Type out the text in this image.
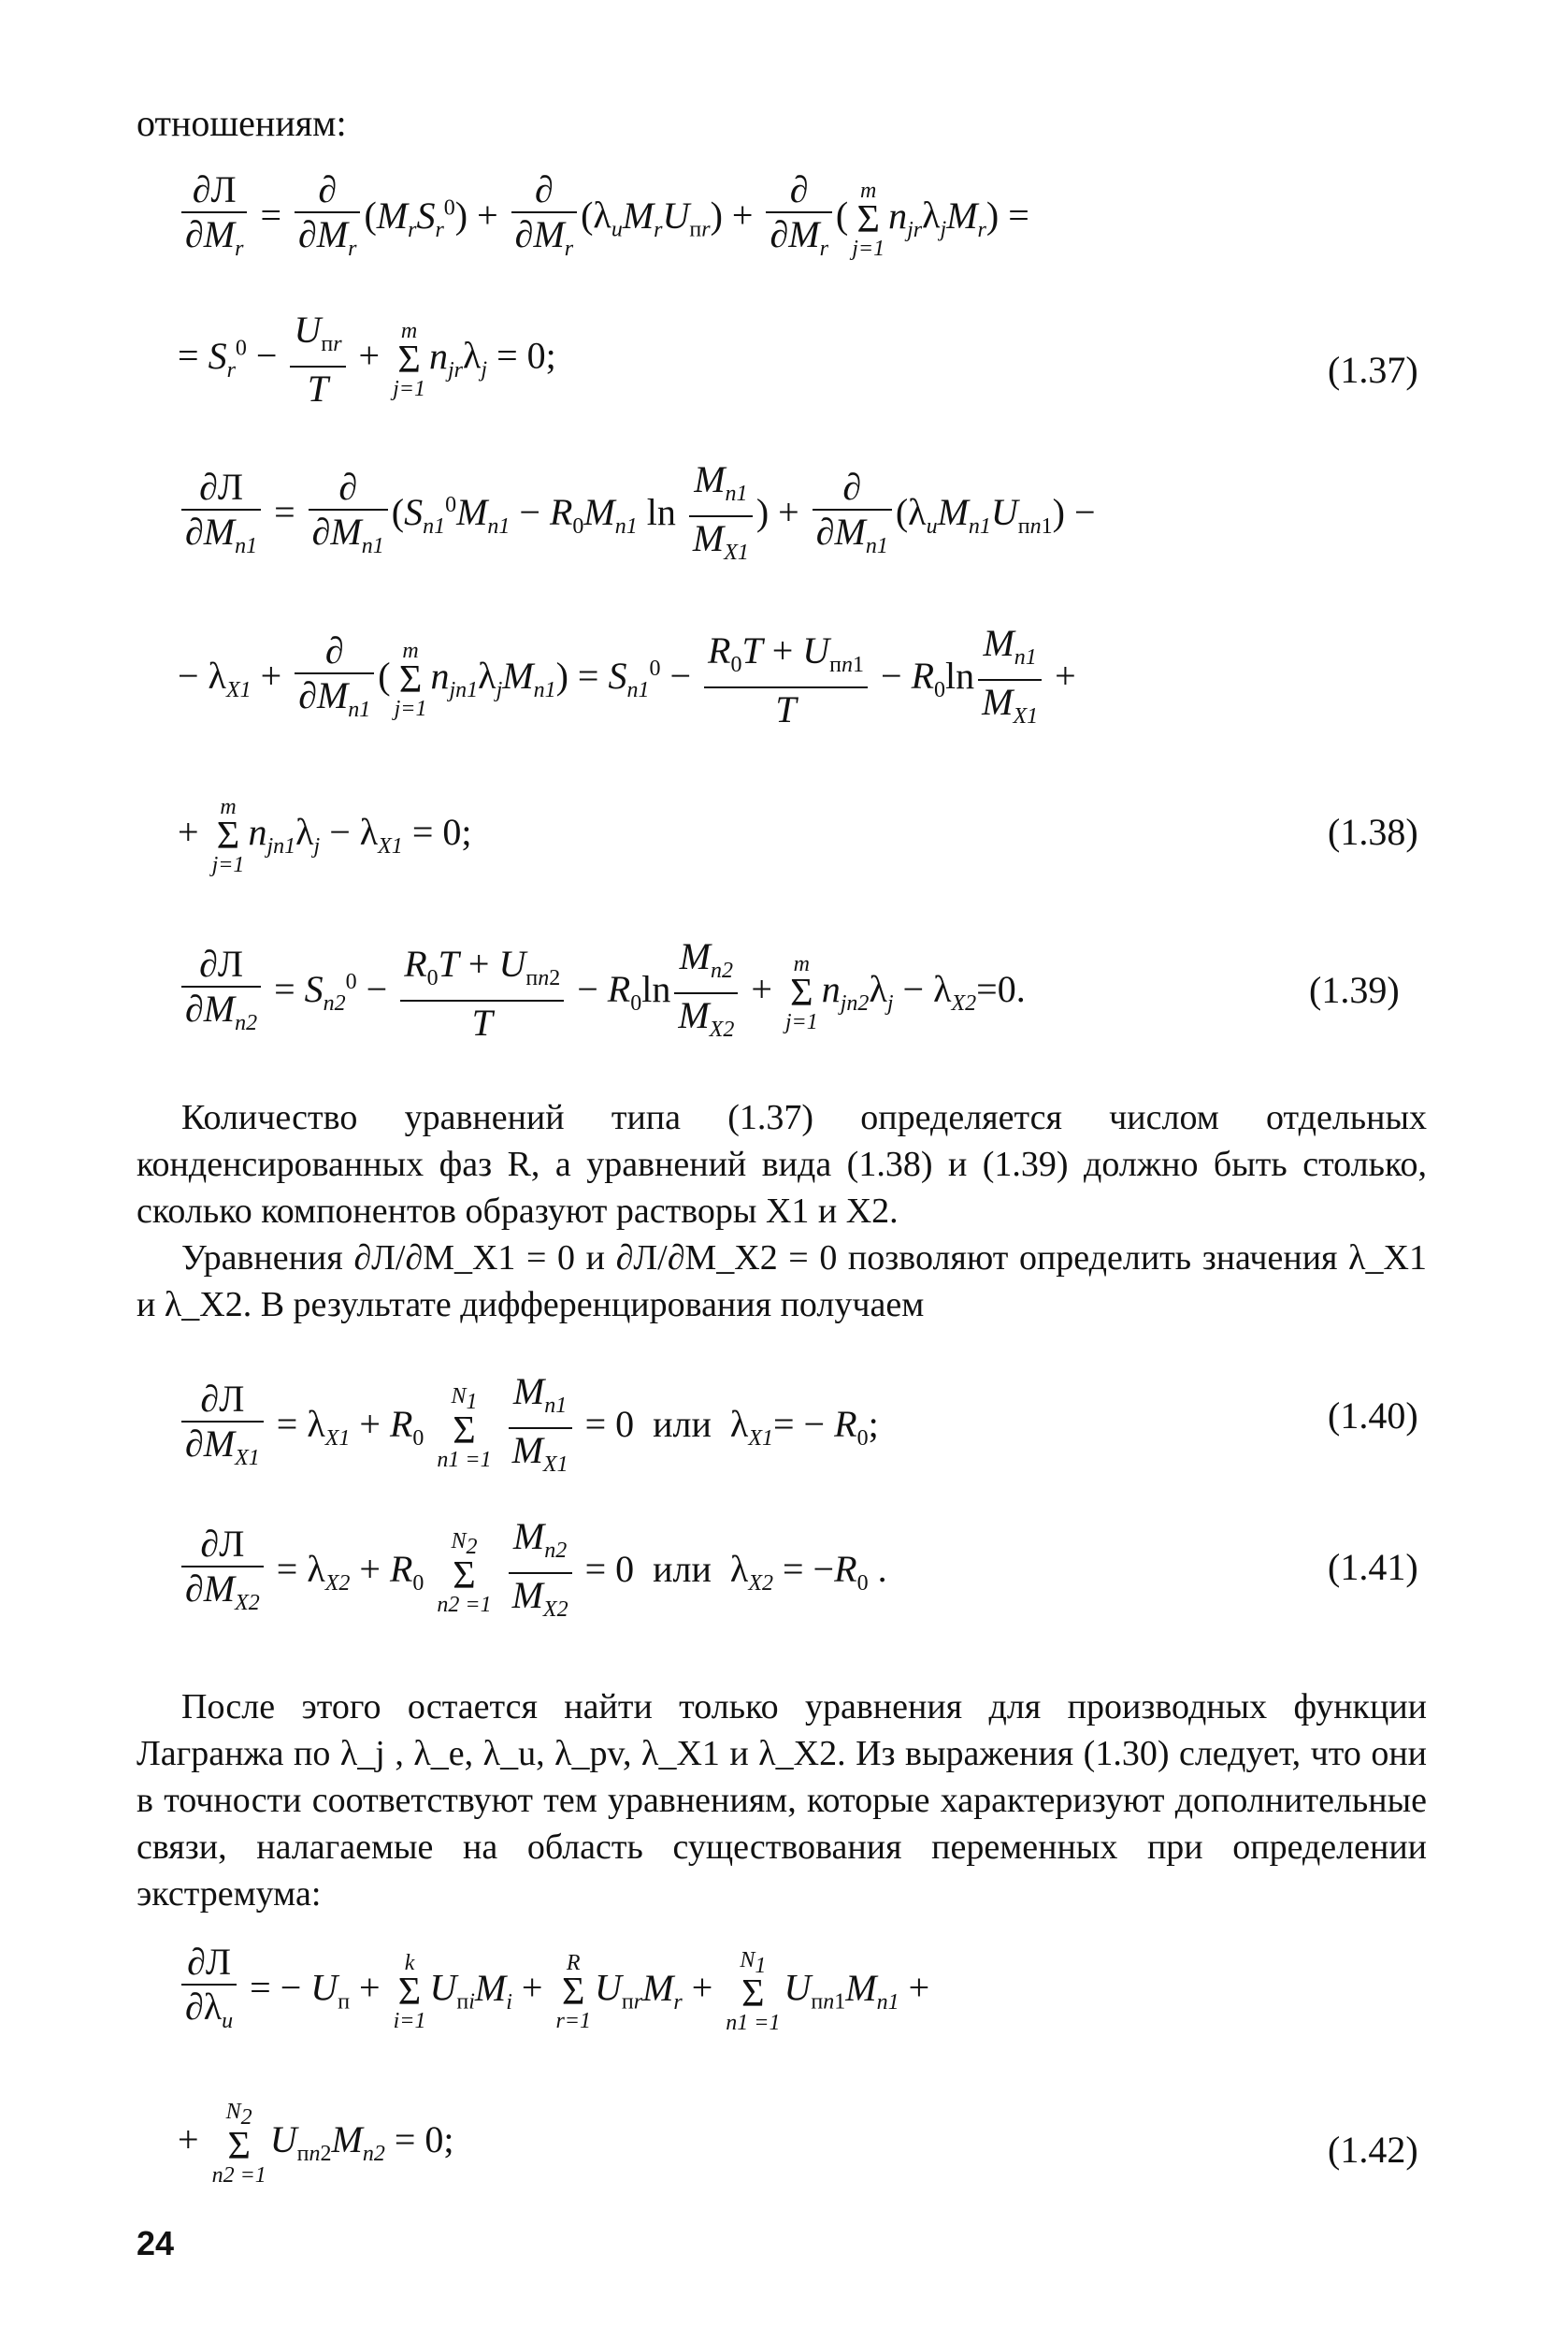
отношениям:
$\frac{\partial Л}{\partial M_r} = \frac{\partial}{\partial M_r} (M_rS_r^0) + \frac{\partial}{\partial M_r} (\lambda_uM_rU_{пr}) + \frac{\partial}{\partial M_r}$ (
m
Σ
j=1
$n_{jr}\lambda_jM_r$) =
= $S_r^0 - \frac{U_{пr}}{T}$ +
m
Σ
j=1
$n_{jr}\lambda_j = 0$;	(1.37)
$\frac{\partial Л}{\partial M_{n1}} = \frac{\partial}{\partial M_{n1}} (S_{n1}^0M_{n1} - R_0M_{n1}$ $\ln \frac{M_{n1}}{M_{X1}}$ ) + $\frac{\partial}{\partial M_{n1}} (\lambda_uM_{n1}U_{пn1})$ −
− $\lambda_{X1} + \frac{\partial}{\partial M_{n1}}$ (
m
Σ
j=1
$n_{jn1}\lambda_jM_{n1}) = S_{n1}^0 - \frac{R_0T + U_{пn1}}{T} - R_0\ln \frac{M_{n1}}{M_{X1}}$ +
+
m
Σ
j=1
$n_{jn1}\lambda_j - \lambda_{X1} = 0$;	(1.38)
$\frac{\partial Л}{\partial M_{n2}} = S_{n2}^0 - \frac{R_0T + U_{пn2}}{T} - R_0\ln \frac{M_{n2}}{M_{X2}}$ +
m
Σ
j=1
$n_{jn2}\lambda_j - \lambda_{X2}=0$.	(1.39)
Количество уравнений типа (1.37) определяется числом отдельных конденсированных фаз R, а уравнений вида (1.38) и (1.39) должно быть столько, сколько компонентов образуют растворы X1 и X2.
Уравнения ∂Л/∂M_X1 = 0 и ∂Л/∂M_X2 = 0 позволяют определить значения λ_X1 и λ_X2. В результате дифференцирования получаем
$\frac{\partial Л}{\partial M_{X1}} = \lambda_{X1} + R_0$
$N_1$
Σ
n1 =1
$\frac{M_{n1}}{M_{X1}} = 0$  или  $\lambda_{X1}= - R_0$;	(1.40)
$\frac{\partial Л}{\partial M_{X2}} = \lambda_{X2} + R_0$
$N_2$
Σ
n2 =1
$\frac{M_{n2}}{M_{X2}} = 0$  или  $\lambda_{X2} = -R_0$ .	(1.41)
После этого остается найти только уравнения для производных функции Лагранжа по λ_j , λ_e, λ_u, λ_pv, λ_X1 и λ_X2. Из выражения (1.30) следует, что они в точности соответствуют тем уравнениям, которые характеризуют дополнительные связи, налагаемые на область существования переменных при определении экстремума:
$\frac{\partial Л}{\partial\lambda_u}$ = − $U_п$ +
k
Σ
i=1
$U_{пi}M_i$ +
R
Σ
r=1
$U_{пr}M_r$ +
$N_1$
Σ
n1 =1
$U_{пn1}M_{n1}$ +
+
$N_2$
Σ
n2 =1
$U_{пn2}M_{n2} = 0$;	(1.42)
24
